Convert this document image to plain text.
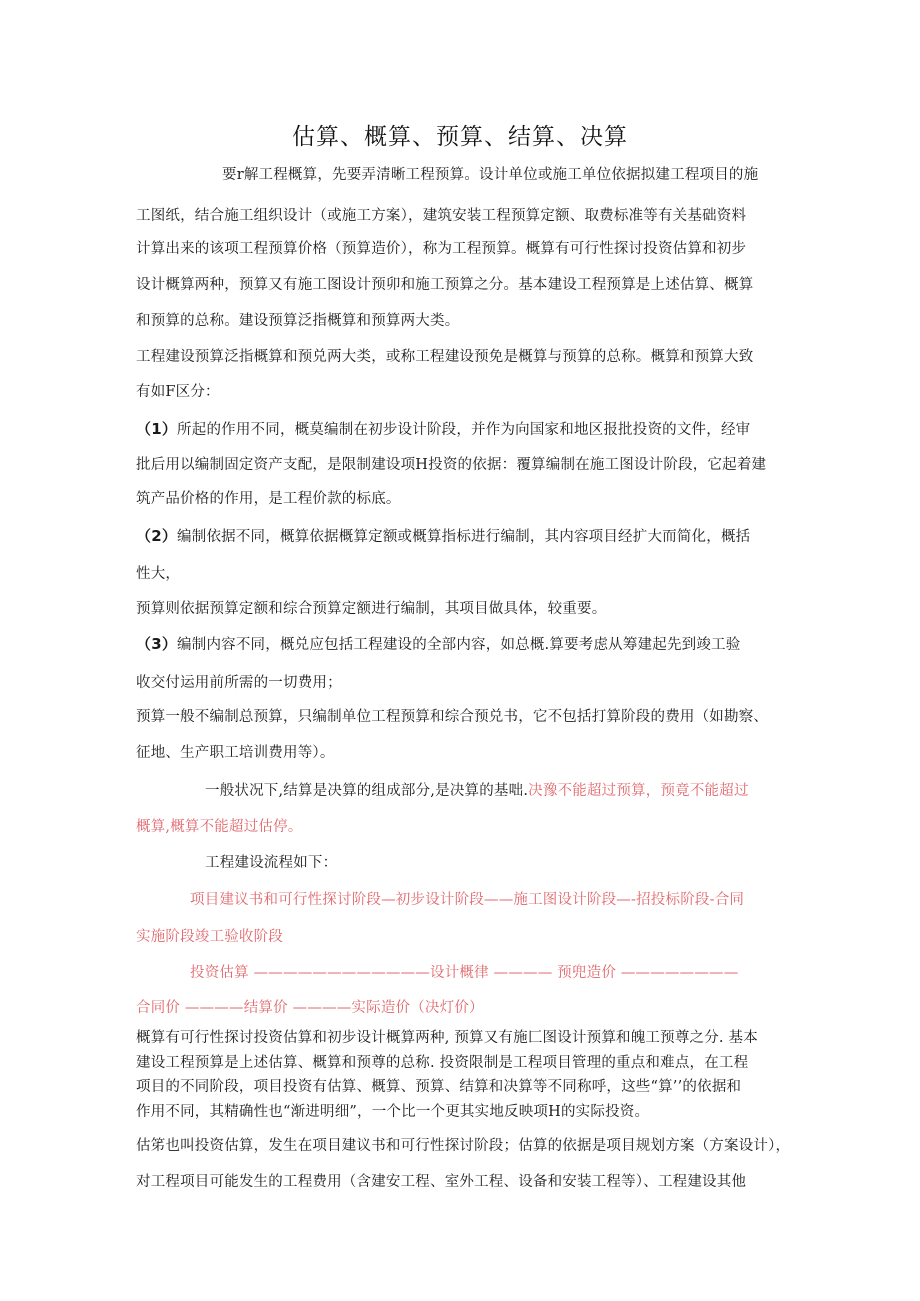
估算、概算、预算、结算、决算
要r解工程概算，先要弄清晰工程预算。设计单位或施工单位依据拟建工程项目的施
工图纸，结合施工组织设计（或施工方案），建筑安装工程预算定额、取费标准等有关基础资料
计算出来的该项工程预算价格（预算造价），称为工程预算。概算有可行性探讨投资估算和初步
设计概算两种，预算又有施工图设计预卯和施工预算之分。基本建设工程预算是上述估算、概算
和预算的总称。建设预算泛指概算和预算两大类。
工程建设预算泛指概算和预兑两大类，或称工程建设预免是概算与预算的总称。概算和预算大致
有如F区分：
（1）所起的作用不同，概莫编制在初步设计阶段，并作为向国家和地区报批投资的文件，经审
批后用以编制固定资产支配，是限制建设项H投资的依据：覆算编制在施工图设计阶段，它起着建
筑产品价格的作用，是工程价款的标底。
（2）编制依据不同，概算依据概算定额或概算指标进行编制，其内容项目经扩大而简化，概括
性大，
预算则依据预算定额和综合预算定额进行编制，其项目做具体，较重要。
（3）编制内容不同，概兑应包括工程建设的全部内容，如总概.算要考虑从筹建起先到竣工验
收交付运用前所需的一切费用；
预算一般不编制总预算，只编制单位工程预算和综合预兑书，它不包括打算阶段的费用（如勘察、
征地、生产职工培训费用等）。
一般状况下,结算是决算的组成部分,是决算的基咄.决豫不能超过预算，预竟不能超过
概算,概算不能超过估停。
工程建设流程如下：
项目建议书和可行性探讨阶段—初步设计阶段——施工图设计阶段—-招投标阶段-合同
实施阶段竣工验收阶段
投资估算 ————————————设计概律 ———— 预兜造价 ————————
合同价 ————结算价 ————实际造价（决灯价）
概算有可行性探讨投资估算和初步设计概算两种, 预算又有施匚图设计预算和魄工预尊之分. 基本
建设工程预算是上述估算、概算和预尊的总称. 投资限制是工程项目管理的重点和难点，在工程
项目的不同阶段，项目投资有估算、概算、预算、结算和决算等不同称呼，这些“算’’的依据和
作用不同，其精确性也“渐进明细”，一个比一个更其实地反映项H的实际投资。
估笫也叫投资估算，发生在项目建议书和可行性探讨阶段；估算的依据是项目规划方案（方案设计），
对工程项目可能发生的工程费用（含建安工程、室外工程、设备和安装工程等）、工程建设其他
